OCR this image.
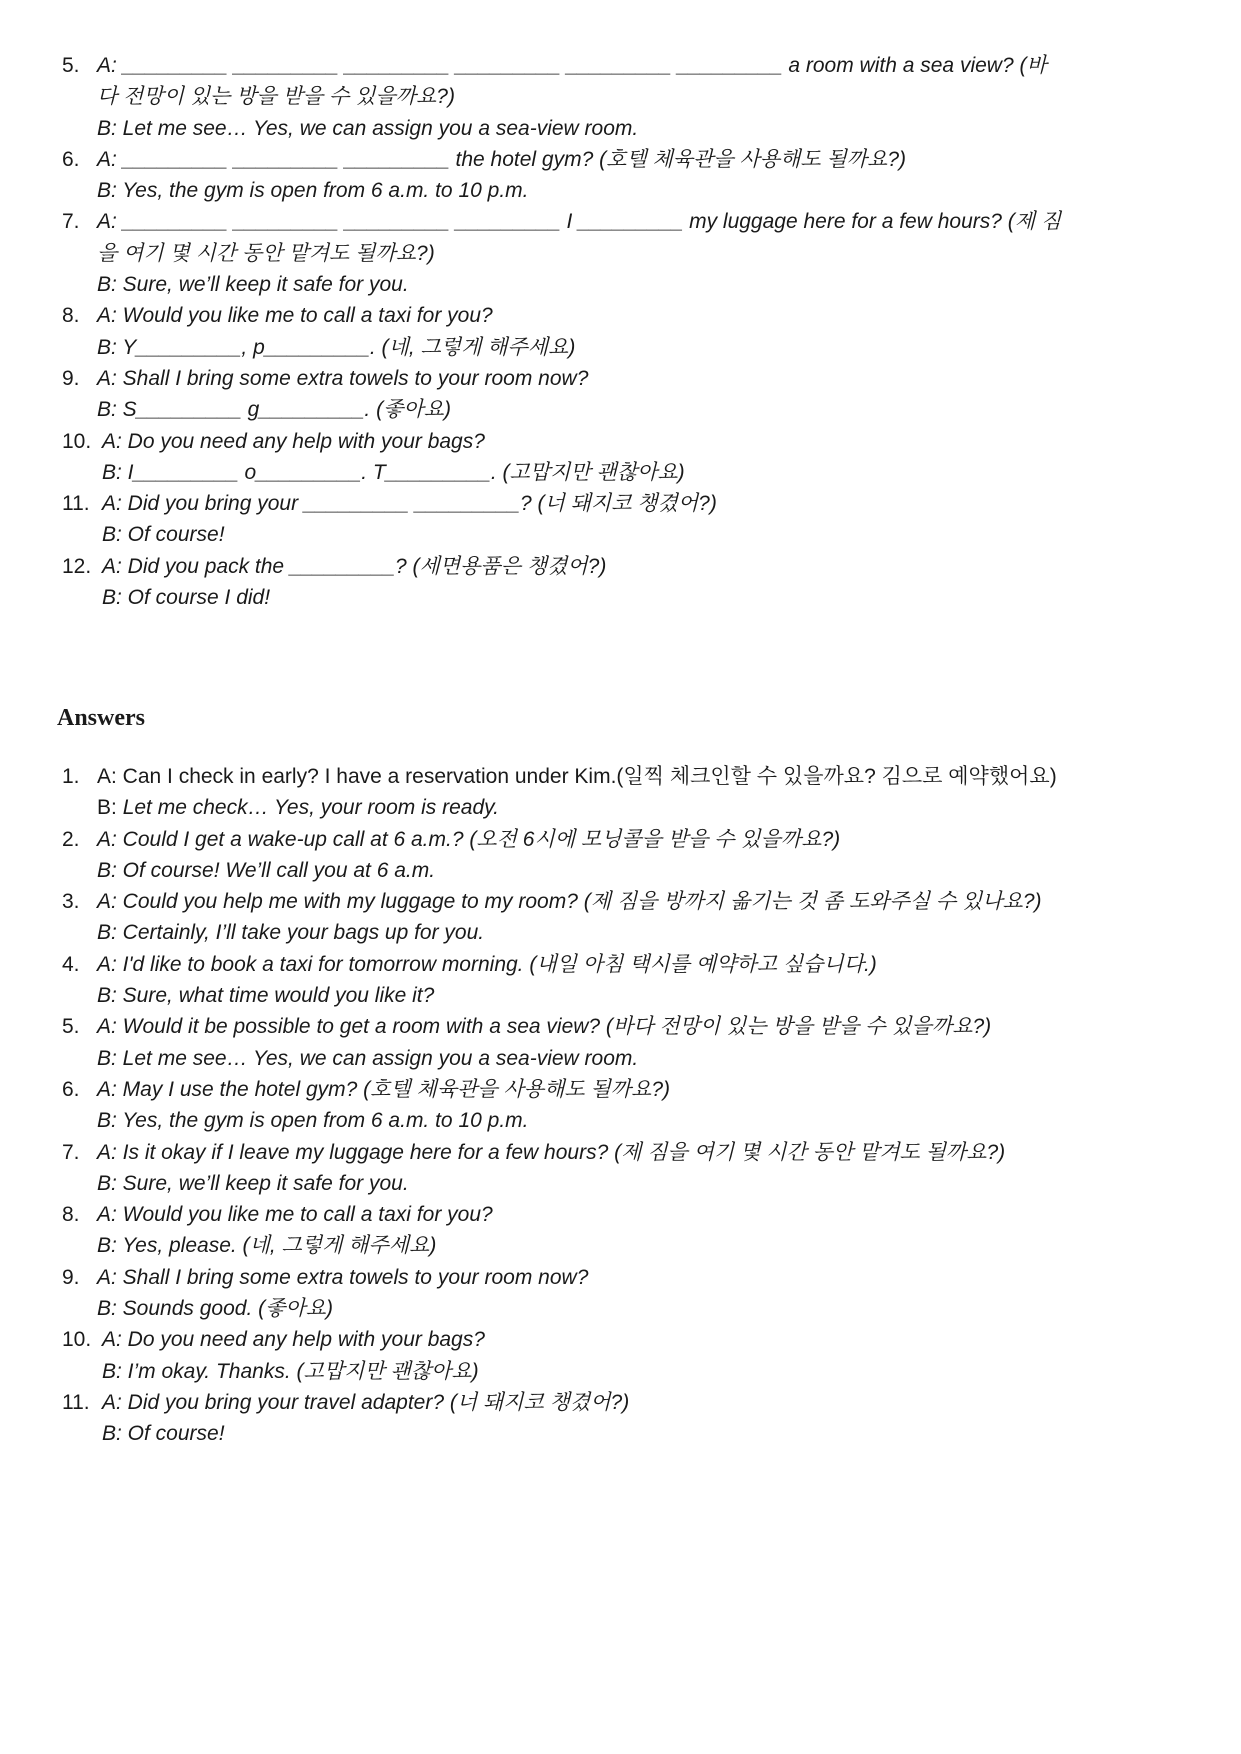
5. A: _________ _________ _________ _________ _________ _________ a room with a sea view? (바다 전망이 있는 방을 받을 수 있을까요?)
B: Let me see… Yes, we can assign you a sea-view room.
6. A: _________ _________ _________ the hotel gym? (호텔 체육관을 사용해도 될까요?)
B: Yes, the gym is open from 6 a.m. to 10 p.m.
7. A: _________ _________ _________ _________ I _________ my luggage here for a few hours? (제 짐을 여기 몇 시간 동안 맡겨도 될까요?)
B: Sure, we’ll keep it safe for you.
8. A: Would you like me to call a taxi for you?
B: Y_________, p_________. (네, 그렇게 해주세요)
9. A: Shall I bring some extra towels to your room now?
B: S_________ g_________. (좋아요)
10. A: Do you need any help with your bags?
B: I_________ o_________. T_________. (고맙지만 괜찮아요)
11. A: Did you bring your _________ _________? (너 돼지코 챙겼어?)
B: Of course!
12. A: Did you pack the _________? (세면용품은 챙겼어?)
B: Of course I did!
Answers
1. A: Can I check in early? I have a reservation under Kim.(일찍 체크인할 수 있을까요? 김으로 예약했어요)
B: Let me check… Yes, your room is ready.
2. A: Could I get a wake-up call at 6 a.m.? (오전 6시에 모닝콜을 받을 수 있을까요?)
B: Of course! We’ll call you at 6 a.m.
3. A: Could you help me with my luggage to my room? (제 짐을 방까지 옮기는 것 좀 도와주실 수 있나요?)
B: Certainly, I’ll take your bags up for you.
4. A: I'd like to book a taxi for tomorrow morning. (내일 아침 택시를 예약하고 싶습니다.)
B: Sure, what time would you like it?
5. A: Would it be possible to get a room with a sea view? (바다 전망이 있는 방을 받을 수 있을까요?)
B: Let me see… Yes, we can assign you a sea-view room.
6. A: May I use the hotel gym? (호텔 체육관을 사용해도 될까요?)
B: Yes, the gym is open from 6 a.m. to 10 p.m.
7. A: Is it okay if I leave my luggage here for a few hours? (제 짐을 여기 몇 시간 동안 맡겨도 될까요?)
B: Sure, we’ll keep it safe for you.
8. A: Would you like me to call a taxi for you?
B: Yes, please. (네, 그렇게 해주세요)
9. A: Shall I bring some extra towels to your room now?
B: Sounds good. (좋아요)
10. A: Do you need any help with your bags?
B: I’m okay. Thanks. (고맙지만 괜찮아요)
11. A: Did you bring your travel adapter? (너 돼지코 챙겼어?)
B: Of course!
